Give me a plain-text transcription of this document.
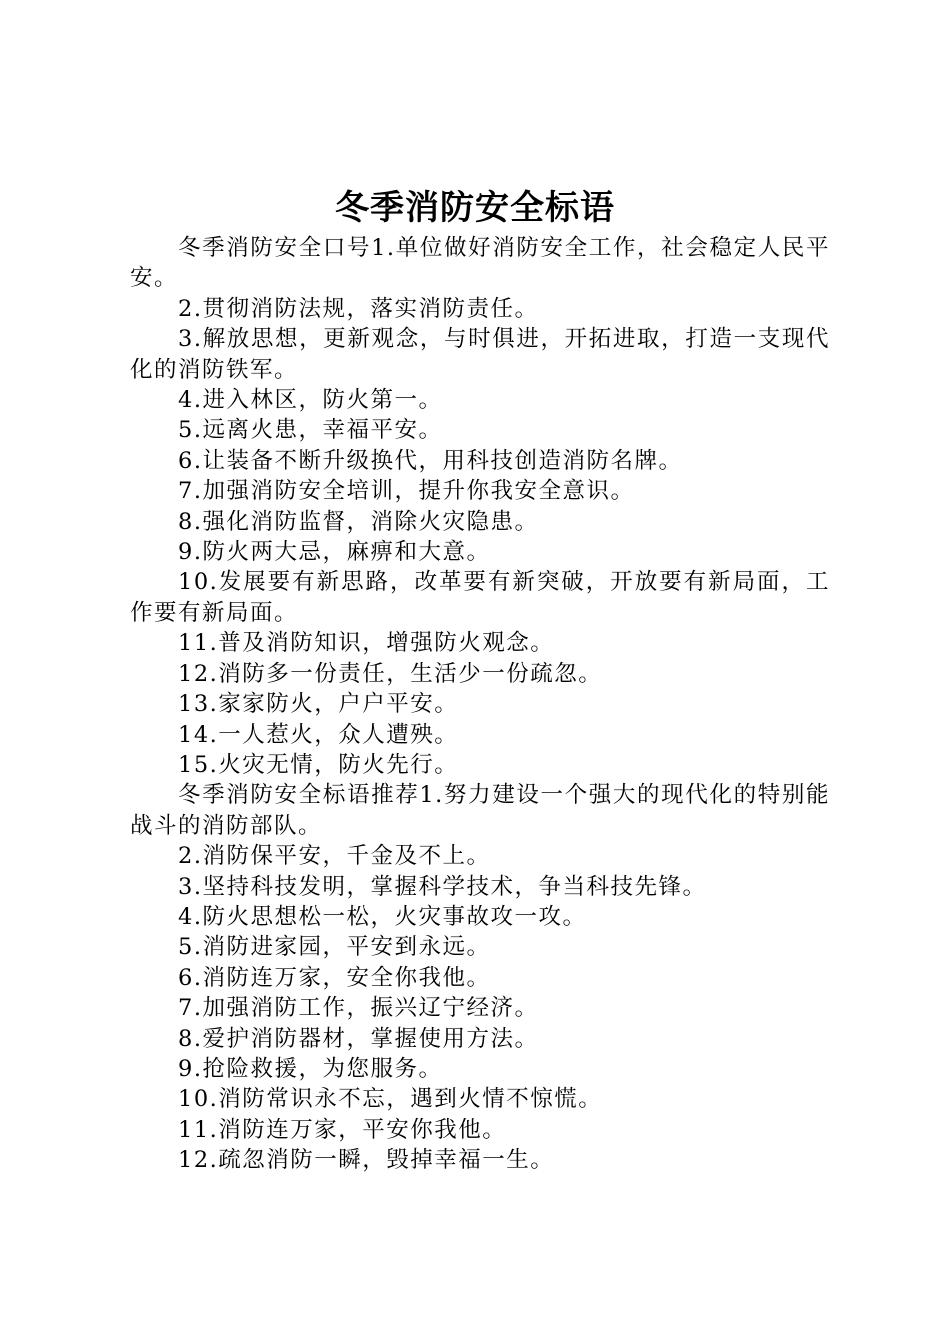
冬季消防安全标语

冬季消防安全口号1.单位做好消防安全工作，社会稳定人民平安。

2.贯彻消防法规，落实消防责任。

3.解放思想，更新观念，与时俱进，开拓进取，打造一支现代化的消防铁军。

4.进入林区，防火第一。

5.远离火患，幸福平安。

6.让装备不断升级换代，用科技创造消防名牌。

7.加强消防安全培训，提升你我安全意识。

8.强化消防监督，消除火灾隐患。

9.防火两大忌，麻痹和大意。

10.发展要有新思路，改革要有新突破，开放要有新局面，工作要有新局面。

11.普及消防知识，增强防火观念。

12.消防多一份责任，生活少一份疏忽。

13.家家防火，户户平安。

14.一人惹火，众人遭殃。

15.火灾无情，防火先行。

冬季消防安全标语推荐1.努力建设一个强大的现代化的特别能战斗的消防部队。

2.消防保平安，千金及不上。

3.坚持科技发明，掌握科学技术，争当科技先锋。

4.防火思想松一松，火灾事故攻一攻。

5.消防进家园，平安到永远。

6.消防连万家，安全你我他。

7.加强消防工作，振兴辽宁经济。

8.爱护消防器材，掌握使用方法。

9.抢险救援，为您服务。

10.消防常识永不忘，遇到火情不惊慌。

11.消防连万家，平安你我他。

12.疏忽消防一瞬，毁掉幸福一生。
